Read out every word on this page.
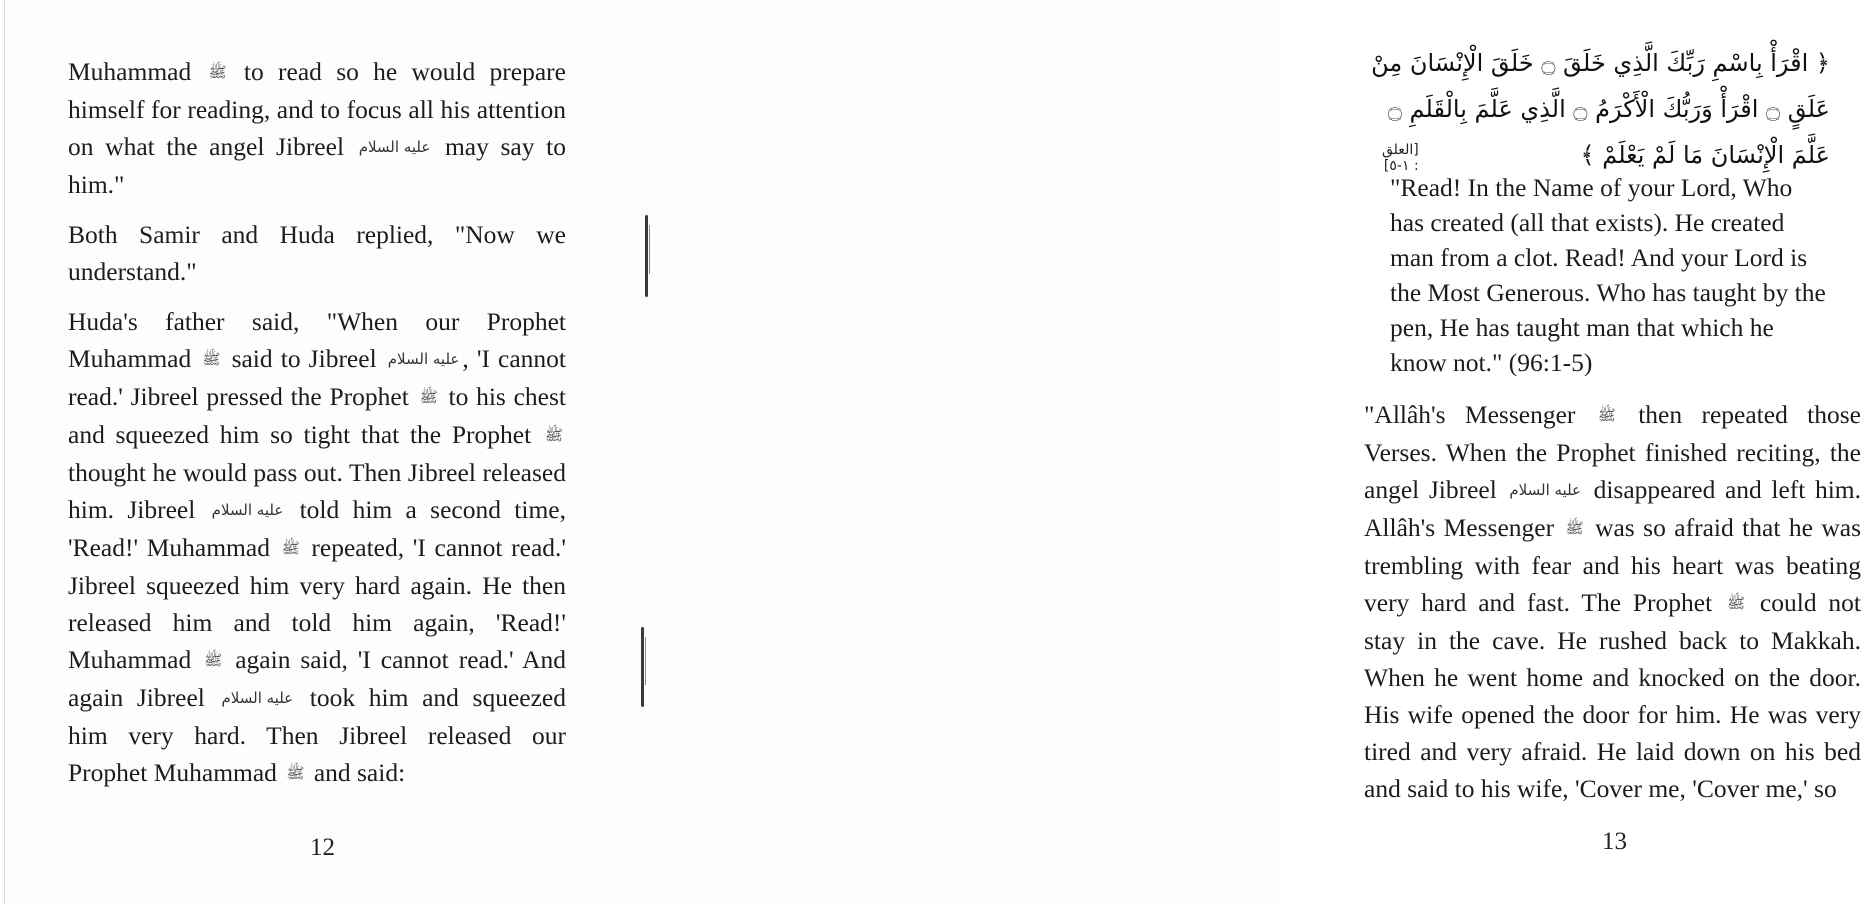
Muhammad ﷺ to read so he would prepare himself for reading, and to focus all his attention on what the angel Jibreel عليه السلام may say to him."

Both Samir and Huda replied, "Now we understand."

Huda's father said, "When our Prophet Muhammad ﷺ said to Jibreel عليه السلام , 'I cannot read.' Jibreel pressed the Prophet ﷺ to his chest and squeezed him so tight that the Prophet ﷺ thought he would pass out. Then Jibreel released him. Jibreel عليه السلام told him a second time, 'Read!' Muhammad ﷺ repeated, 'I cannot read.' Jibreel squeezed him very hard again. He then released him and told him again, 'Read!' Muhammad ﷺ again said, 'I cannot read.' And again Jibreel عليه السلام took him and squeezed him very hard. Then Jibreel released our Prophet Muhammad ﷺ and said:

12
﴿ اقْرَأْ بِاسْمِ رَبِّكَ الَّذِي خَلَقَ ۝ خَلَقَ الْإِنْسَانَ مِنْ عَلَقٍ ۝ اقْرَأْ وَرَبُّكَ الْأَكْرَمُ ۝ الَّذِي عَلَّمَ بِالْقَلَمِ ۝ عَلَّمَ الْإِنْسَانَ مَا لَمْ يَعْلَمْ ﴾
[العلق : ١-٥]

"Read! In the Name of your Lord, Who has created (all that exists). He created man from a clot. Read! And your Lord is the Most Generous. Who has taught by the pen, He has taught man that which he know not." (96:1-5)

"Allâh's Messenger ﷺ then repeated those Verses. When the Prophet finished reciting, the angel Jibreel عليه السلام disappeared and left him. Allâh's Messenger ﷺ was so afraid that he was trembling with fear and his heart was beating very hard and fast. The Prophet ﷺ could not stay in the cave. He rushed back to Makkah. When he went home and knocked on the door. His wife opened the door for him. He was very tired and very afraid. He laid down on his bed and said to his wife, 'Cover me, 'Cover me,' so
13
